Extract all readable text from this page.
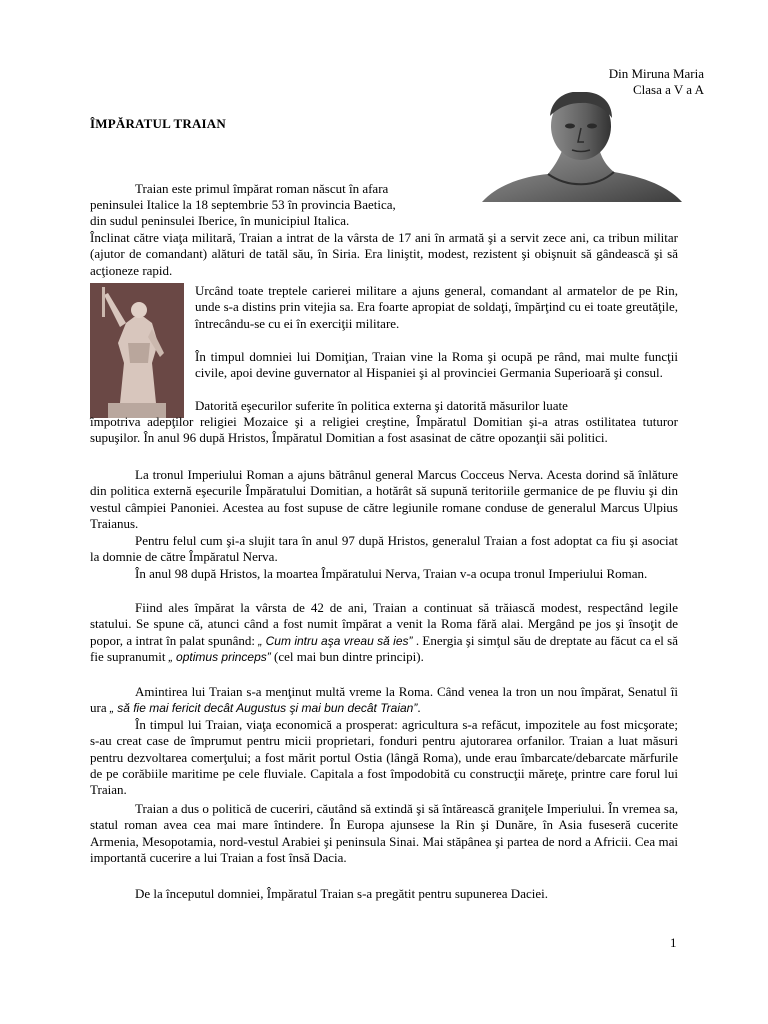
Din Miruna Maria
Clasa a V a A
ÎMPĂRATUL TRAIAN

Traian este primul împărat roman născut în afara

peninsulei Italice la 18 septembrie 53 în provincia Baetica,

din sudul peninsulei Iberice, în municipiul Italica.

Înclinat către viaţa militară, Traian a intrat de la vârsta de 17 ani în armată şi a servit zece ani, ca tribun militar (ajutor de comandant) alături de tatăl său, în Siria. Era liniştit, modest, rezistent şi obişnuit să gândească şi să acţioneze rapid.

Urcând toate treptele carierei militare a ajuns general, comandant al armatelor de pe Rin, unde s-a distins prin vitejia sa. Era foarte apropiat de soldaţi, împărţind cu ei toate greutăţile, întrecându-se cu ei în exerciţii militare.

În timpul domniei lui Domiţian, Traian vine la Roma şi ocupă pe rând, mai multe funcţii civile, apoi devine guvernator al Hispaniei şi al provinciei Germania Superioară şi consul.

Datorită eşecurilor suferite în politica externa şi datorită măsurilor luate

împotriva adepţilor religiei Mozaice şi a religiei creştine, Împăratul Domitian şi-a atras ostilitatea tuturor supuşilor. În anul 96 după Hristos, Împăratul Domitian a fost asasinat de către opozanţii săi politici.

La tronul Imperiului Roman a ajuns bătrânul general Marcus Cocceus Nerva. Acesta dorind să înlăture din politica externă eşecurile Împăratului Domitian, a hotărât să supună teritoriile germanice de pe fluviu şi din vestul câmpiei Panoniei. Acestea au fost supuse de către legiunile romane conduse de generalul Marcus Ulpius Traianus.

Pentru felul cum şi-a slujit tara în anul 97 după Hristos, generalul Traian a fost adoptat ca fiu şi asociat la domnie de către Împăratul Nerva.

În anul 98 după Hristos, la moartea Împăratului Nerva, Traian v-a ocupa tronul Imperiului Roman.

Fiind ales împărat la vârsta de 42 de ani, Traian a continuat să trăiască modest, respectând legile statului. Se spune că, atunci când a fost numit împărat a venit la Roma fără alai. Mergând pe jos şi însoţit de popor, a intrat în palat spunând: „ Cum intru aşa vreau să ies” . Energia şi simţul său de dreptate au făcut ca el să fie supranumit „ optimus princeps” (cel mai bun dintre principi).

Amintirea lui Traian s-a menţinut multă vreme la Roma. Când venea la tron un nou împărat, Senatul îi ura „ să fie mai fericit decât Augustus şi mai bun decât Traian”.

În timpul lui Traian, viaţa economică a prosperat: agricultura s-a refăcut, impozitele au fost micşorate; s-au creat case de împrumut pentru micii proprietari, fonduri pentru ajutorarea orfanilor. Traian a luat măsuri pentru dezvoltarea comerţului; a fost mărit portul Ostia (lângă Roma), unde erau îmbarcate/debarcate mărfurile de pe corăbiile maritime pe cele fluviale. Capitala a fost împodobită cu construcţii măreţe, printre care forul lui Traian.

Traian a dus o politică de cuceriri, căutând să extindă şi să întărească graniţele Imperiului. În vremea sa, statul roman avea cea mai mare întindere. În Europa ajunsese la Rin şi Dunăre, în Asia fuseseră cucerite Armenia, Mesopotamia, nord-vestul Arabiei şi peninsula Sinai. Mai stăpânea şi partea de nord a Africii. Cea mai importantă cucerire a lui Traian a fost însă Dacia.

De la începutul domniei, Împăratul Traian s-a pregătit pentru supunerea Daciei.

1
